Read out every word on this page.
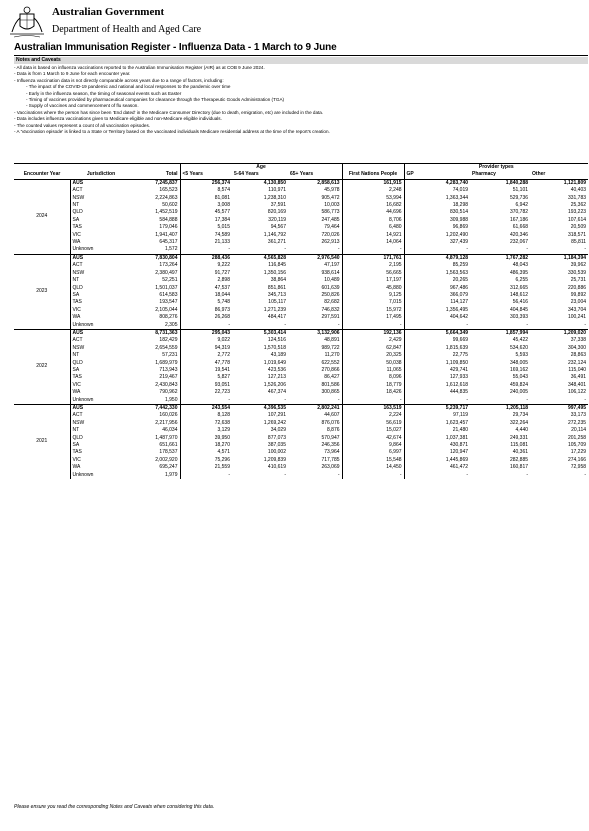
Australian Government
Department of Health and Aged Care
Australian Immunisation Register - Influenza Data - 1 March to 9 June
Notes and Caveats
- All data is based on influenza vaccinations reported to the Australian Immunisation Register (AIR) as at COB 9 June 2024.
- Data is from 1 March to 9 June for each encounter year.
- Influenza vaccination data is not directly comparable across years due to a range of factors, including:
- The impact of the COVID-19 pandemic and national and local responses to the pandemic over time
- Early in the influenza season, the timing of seasonal events such as Easter
- Timing of vaccines provided by pharmaceutical companies for clearance through the Therapeutic Goods Administration (TGA)
- Supply of vaccines and commencement of flu season.
- Vaccinations where the person has since been 'End dated' in the Medicare Consumer Directory (due to death, emigration, etc) are included in the data.
- Data includes influenza vaccinations given to Medicare eligible and non-Medicare eligible individuals.
- The counted values represent a count of all vaccination episodes.
- A 'Vaccination episode' is linked to a State or Territory based on the vaccinated individuals Medicare residential address at the time of the report's creation.
			Age				Provider types		
Encounter Year	Jurisdiction	Total	<5 Years	5-64 Years	65+ Years	First Nations People	GP	Pharmacy	Other
2024	AUS	7,245,837	256,374	4,130,850	2,858,613	161,915	4,283,740	1,840,288	1,121,809
	ACT	165,523	8,574	110,971	45,978	2,248	74,019	51,101	40,403
	NSW	2,224,863	81,081	1,238,310	905,472	53,994	1,363,344	529,736	331,783
	NT	50,602	3,008	37,591	10,003	16,682	18,298	6,942	25,362
	QLD	1,452,519	45,577	820,169	586,773	44,696	830,514	370,782	193,223
	SA	584,888	17,384	320,119	247,485	8,706	309,988	167,186	107,614
	TAS	179,046	5,015	94,567	79,464	6,480	96,869	61,668	20,509
	VIC	1,941,407	74,589	1,146,792	720,026	14,921	1,202,490	420,346	318,571
	WA	645,317	21,133	361,271	262,913	14,064	327,439	232,067	85,811
	Unknown	1,572	-	-	-	-	-	-	-
2023	AUS	7,830,804	288,436	4,565,828	2,976,540	171,761	4,879,128	1,767,282	1,184,394
	ACT	173,264	9,222	116,845	47,197	2,195	85,259	48,043	39,962
	NSW	2,380,497	91,727	1,350,156	938,614	56,665	1,563,563	486,395	330,539
	NT	52,251	2,898	38,864	10,489	17,197	20,265	6,255	25,731
	QLD	1,501,037	47,537	851,861	601,639	45,880	967,486	312,665	220,886
	SA	614,583	18,044	345,713	250,826	9,125	366,079	148,612	99,892
	TAS	193,547	5,748	105,117	82,682	7,015	114,127	56,416	23,004
	VIC	2,105,044	86,973	1,271,239	746,832	15,972	1,356,495	404,845	343,704
	WA	808,276	26,268	484,417	297,591	17,495	404,642	303,393	100,241
	Unknown	2,305	-	-	-	-	-	-	-
2022	AUS	8,731,363	295,043	5,303,414	3,132,906	192,136	5,664,349	1,857,994	1,209,020
	ACT	182,429	9,022	124,516	48,891	2,429	99,669	45,422	37,338
	NSW	2,654,559	94,319	1,570,518	989,722	62,847	1,815,639	534,620	304,300
	NT	57,231	2,772	43,189	11,270	20,325	22,775	5,593	28,863
	QLD	1,689,979	47,778	1,019,649	622,552	50,038	1,109,850	348,005	232,124
	SA	713,943	19,541	423,536	270,866	11,065	429,741	169,162	115,040
	TAS	219,467	5,827	127,213	86,427	8,096	127,933	55,043	36,491
	VIC	2,430,843	93,051	1,526,206	801,586	18,779	1,612,618	459,824	348,401
	WA	790,962	22,723	467,374	300,865	18,426	444,835	240,005	106,122
	Unknown	1,950	-	-	-	-	-	-	-
2021	AUS	7,442,330	243,554	4,396,535	2,802,241	163,519	5,239,717	1,205,118	997,495
	ACT	160,026	8,128	107,291	44,607	2,224	97,119	29,734	33,173
	NSW	2,217,956	72,638	1,269,242	876,076	56,619	1,623,457	322,264	272,235
	NT	46,034	3,129	34,029	8,876	15,027	21,480	4,440	20,114
	QLD	1,487,970	39,950	877,073	570,947	42,674	1,037,381	249,331	201,258
	SA	651,661	18,270	387,035	246,356	9,864	430,871	115,081	105,709
	TAS	178,537	4,571	100,002	73,964	6,997	120,947	40,361	17,229
	VIC	2,002,920	75,296	1,209,839	717,785	15,548	1,445,869	282,885	274,166
	WA	695,247	21,559	410,619	263,069	14,450	461,472	160,817	72,958
	Unknown	1,979	-	-	-	-	-	-	-
Please ensure you read the corresponding Notes and Caveats when considering this data.
